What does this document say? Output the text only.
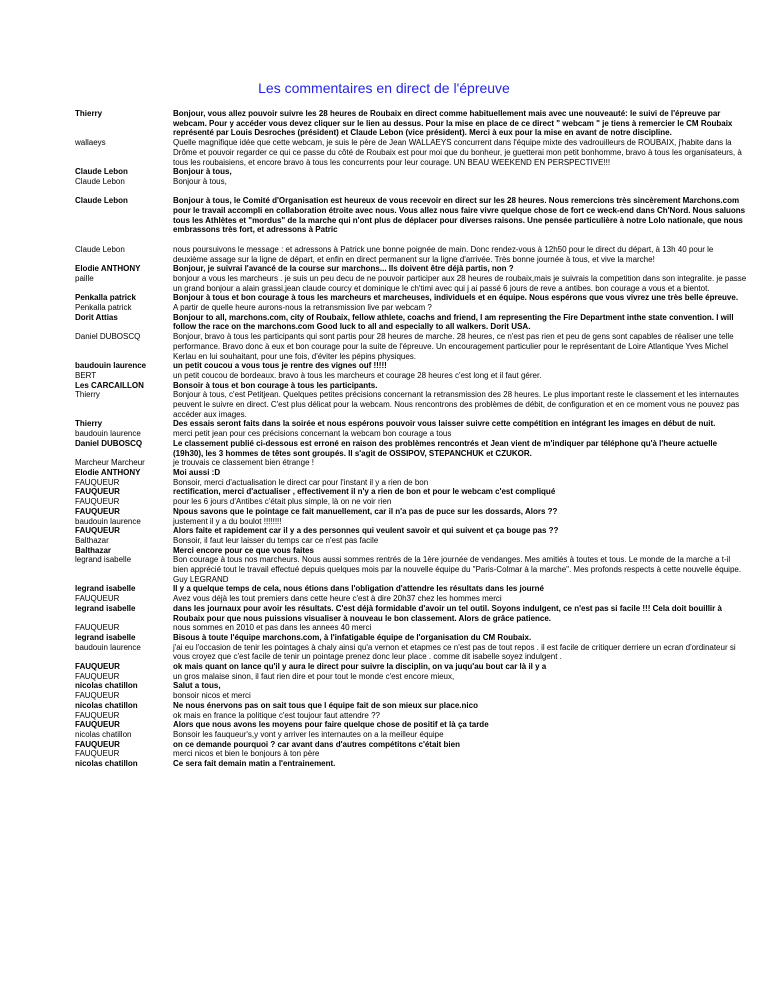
Les commentaires en direct de l'épreuve
Thierry	Bonjour, vous allez pouvoir suivre les 28 heures de Roubaix en direct comme habituellement mais avec une nouveauté: le suivi de l'épreuve par webcam. Pour y accéder vous devez cliquer sur le lien au dessus. Pour la mise en place de ce direct " webcam " je tiens à remercier le CM Roubaix représenté par Louis Desroches (président) et Claude Lebon (vice président). Merci à eux pour la mise en avant de notre discipline.
wallaeys	Quelle magnifique idée que cette webcam, je suis le père de Jean WALLAEYS concurrent dans l'équipe mixte des vadrouilleurs de ROUBAIX, j'habite dans la Drôme et pouvoir regarder ce qui ce passe du côté de Roubaix est pour moi que du bonheur, je guetterai mon petit bonhomme, bravo à tous les organisateurs, à tous les roubaisiens, et encore bravo à tous les concurrents pour leur courage. UN BEAU WEEKEND EN PERSPECTIVE!!!
Claude Lebon	Bonjour à tous,
Claude Lebon	Bonjour à tous,
Claude Lebon	Bonjour à tous, le Comité d'Organisation est heureux de vous recevoir en direct sur les 28 heures. Nous remercions très sincèrement Marchons.com pour le travail accompli en collaboration étroite avec nous. Vous allez nous faire vivre quelque chose de fort ce weck-end dans Ch'Nord. Nous saluons tous les Athlètes et "mordus" de la marche qui n'ont plus de déplacer pour diverses raisons. Une pensée particulière à notre Lolo nationale, que nous embrassons très fort, et adressons à Patric
Claude Lebon	nous poursuivons le message : et adressons à Patrick une bonne poignée de main. Donc rendez-vous à 12h50 pour le direct du départ, à 13h 40 pour le deuxième assage sur la ligne de départ, et enfin en direct permanent sur la ligne d'arrivée. Très bonne journée à tous, et vive la marche!
Elodie ANTHONY	Bonjour, je suivrai l'avancé de la course sur marchons... Ils doivent être déjà partis, non ?
paille	bonjour a vous les marcheurs . je suis un peu decu de ne pouvoir participer aux 28 heures de roubaix,mais je suivrais la competition dans son integralite. je passe un grand bonjour a alain grassi,jean claude courcy et dominique le ch'timi avec qui j ai passé 6 jours de reve a antibes. bon courage a vous et a bientot.
Penkalla patrick	Bonjour à tous et bon courage à tous les marcheurs et marcheuses, individuels et en équipe. Nous espérons que vous vivrez une très belle épreuve.
Penkalla patrick	A partir de quelle heure aurons-nous la retransmission live par webcam ?
Dorit Attias	Bonjour to all, marchons.com, city of Roubaix, fellow athlete, coachs and friend, I am representing the Fire Department inthe state convention. I will follow the race on the marchons.com Good luck to all and especially to all walkers. Dorit USA.
Daniel DUBOSCQ	Bonjour, bravo à tous les participants qui sont partis pour 28 heures de marche. 28 heures, ce n'est pas rien et peu de gens sont capables de réaliser une telle performance. Bravo donc à eux et bon courage pour la suite de l'épreuve. Un encouragement particulier pour le représentant de Loire Atlantique Yves Michel Kerlau en lui souhaitant, pour une fois, d'éviter les pépins physiques.
baudouin laurence	un petit coucou a vous tous je rentre des vignes ouf !!!!!
BERT	un petit coucou de bordeaux. bravo à tous les marcheurs et courage 28 heures c'est long et il faut gérer.
Les CARCAILLON	Bonsoir à tous et bon courage à tous les participants.
Thierry	Bonjour à tous, c'est Petitjean. Quelques petites précisions concernant la retransmission des 28 heures. Le plus important reste le classement et les internautes peuvent le suivre en direct. C'est plus délicat pour la webcam. Nous rencontrons des problèmes de débit, de configuration et en ce moment vous ne pouvez pas accéder aux images.
Thierry	Des essais seront faits dans la soirée et nous espérons pouvoir vous laisser suivre cette compétition en intégrant les images en début de nuit.
baudouin laurence	merci petit jean pour ces précisions concernant la webcam bon courage a tous
Daniel DUBOSCQ	Le classement publié ci-dessous est erroné en raison des problèmes rencontrés et Jean vient de m'indiquer par téléphone qu'à l'heure actuelle (19h30), les 3 hommes de têtes sont groupés. Il s'agit de OSSIPOV, STEPANCHUK et CZUKOR.
Marcheur Marcheur	je trouvais ce classement bien étrange !
Elodie ANTHONY	Moi aussi :D
FAUQUEUR	Bonsoir, merci d'actualisation le direct car pour l'instant il y a rien de bon
FAUQUEUR	rectification, merci d'actualiser , effectivement il n'y a rien de bon et pour le webcam c'est compliqué
FAUQUEUR	pour les 6 jours d'Antibes c'était plus simple, là on ne voir rien
FAUQUEUR	Npous savons que le pointage ce fait manuellement, car il n'a pas de puce sur les dossards, Alors ??
baudouin laurence	justement il y a du boulot !!!!!!!!
FAUQUEUR	Alors faite et rapidement car il y a des personnes qui veulent savoir et qui suivent et ça bouge pas ??
Balthazar	Bonsoir, il faut leur laisser du temps car ce n'est pas facile
Balthazar	Merci encore pour ce que vous faites
legrand isabelle	Bon courage à tous nos marcheurs. Nous aussi sommes rentrés de la 1ère journée de vendanges. Mes amitiés à toutes et tous. Le monde de la marche a t-il bien apprécié tout le travail effectué depuis quelques mois par la nouvelle équipe du "Paris-Colmar à la marche". Mes profonds respects à cette nouvelle équipe. Guy LEGRAND
legrand isabelle	Il y a quelque temps de cela, nous étions dans l'obligation d'attendre les résultats dans les journé
FAUQUEUR	Avez vous déjà les tout premiers dans cette heure c'est à dire 20h37 chez les hommes merci
legrand isabelle	dans les journaux pour avoir les résultats. C'est déjà formidable d'avoir un tel outil. Soyons indulgent, ce n'est pas si facile !!! Cela doit bouillir à Roubaix pour que nous puissions visualiser à nouveau le bon classement. Alors de grâce patience.
FAUQUEUR	nous sommes en 2010 et pas dans les annees 40 merci
legrand isabelle	Bisous à toute l'équipe marchons.com, à l'infatigable équipe de l'organisation du CM Roubaix.
baudouin laurence	j'ai eu l'occasion de tenir les pointages à chaly ainsi qu'a vernon et etapmes ce n'est pas de tout repos . il est facile de critiquer derriere un ecran d'ordinateur si vous croyez que c'est facile de tenir un pointage prenez donc leur place . comme dit isabelle soyez indulgent .
FAUQUEUR	ok mais quant on lance qu'il y aura le direct pour suivre la disciplin, on va juqu'au bout car là il y a
FAUQUEUR	un gros malaise sinon, il faut rien dire et pour tout le monde c'est encore mieux,
nicolas chatillon	Salut a tous,
FAUQUEUR	bonsoir nicos et merci
nicolas chatillon	Ne nous énervons pas on sait tous que l équipe fait de son mieux sur place.nico
FAUQUEUR	ok mais en france la politique c'est toujour faut attendre ??
FAUQUEUR	Alors que nous avons les moyens pour faire quelque chose de positif et là ça tarde
nicolas chatillon	Bonsoir les fauqueur's,y vont y arriver les internautes on a la meilleur équipe
FAUQUEUR	on ce demande pourquoi ? car avant dans d'autres compétitons c'était bien
FAUQUEUR	merci nicos et bien le bonjours à ton père
nicolas chatillon	Ce sera fait demain matin a l'entrainement.
